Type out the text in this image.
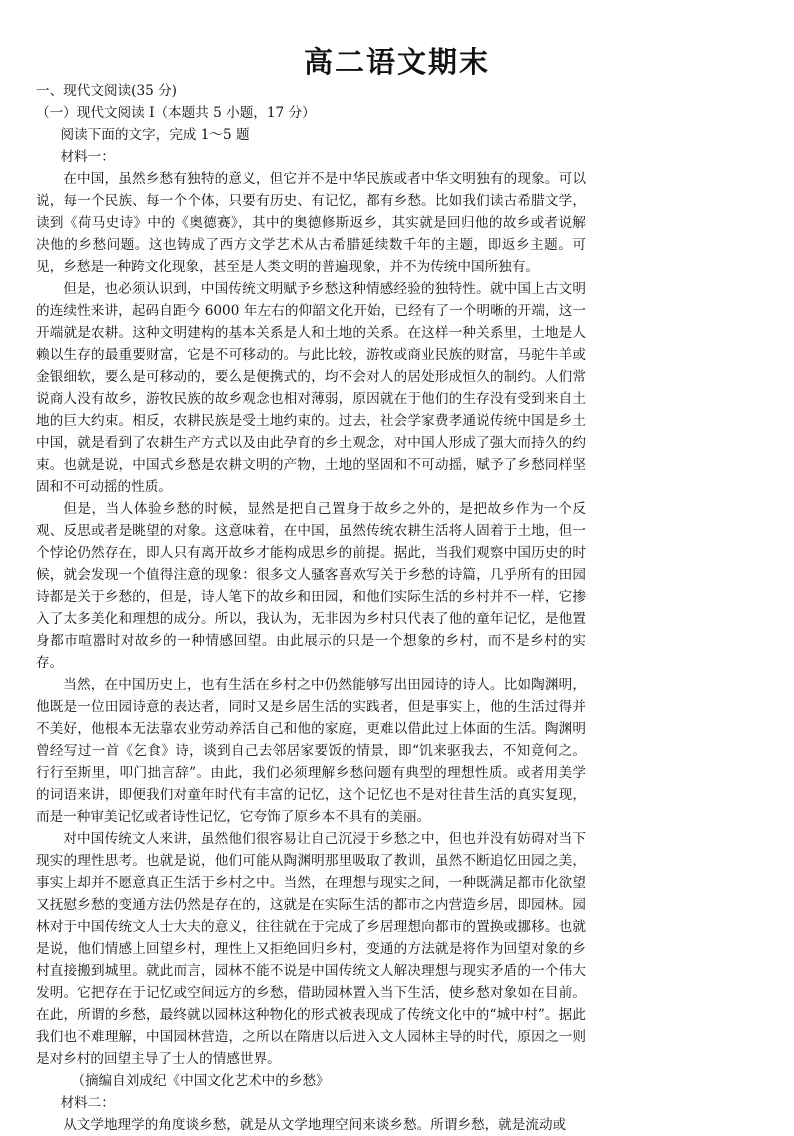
高二语文期末
一、现代文阅读(35 分)
（一）现代文阅读 I（本题共 5 小题，17 分）
阅读下面的文字，完成 1～5 题
材料一：

在中国，虽然乡愁有独特的意义，但它并不是中华民族或者中华文明独有的现象。可以说，每一个民族、每一个个体，只要有历史、有记忆，都有乡愁。比如我们读古希腊文学，读到《荷马史诗》中的《奥德赛》，其中的奥德修斯返乡，其实就是回归他的故乡或者说解决他的乡愁问题。这也铸成了西方文学艺术从古希腊延续数千年的主题，即返乡主题。可见，乡愁是一种跨文化现象，甚至是人类文明的普遍现象，并不为传统中国所独有。

但是，也必须认识到，中国传统文明赋予乡愁这种情感经验的独特性。就中国上古文明的连续性来讲，起码自距今 6000 年左右的仰韶文化开始，已经有了一个明晰的开端，这一开端就是农耕。这种文明建构的基本关系是人和土地的关系。在这样一种关系里，土地是人赖以生存的最重要财富，它是不可移动的。与此比较，游牧或商业民族的财富，马驼牛羊或金银细软，要么是可移动的，要么是便携式的，均不会对人的居处形成恒久的制约。人们常说商人没有故乡，游牧民族的故乡观念也相对薄弱，原因就在于他们的生存没有受到来自土地的巨大约束。相反，农耕民族是受土地约束的。过去，社会学家费孝通说传统中国是乡土中国，就是看到了农耕生产方式以及由此孕育的乡土观念，对中国人形成了强大而持久的约束。也就是说，中国式乡愁是农耕文明的产物，土地的坚固和不可动摇，赋予了乡愁同样坚固和不可动摇的性质。

但是，当人体验乡愁的时候，显然是把自己置身于故乡之外的，是把故乡作为一个反观、反思或者是眺望的对象。这意味着，在中国，虽然传统农耕生活将人固着于土地，但一个悖论仍然存在，即人只有离开故乡才能构成思乡的前提。据此，当我们观察中国历史的时候，就会发现一个值得注意的现象：很多文人骚客喜欢写关于乡愁的诗篇，几乎所有的田园诗都是关于乡愁的，但是，诗人笔下的故乡和田园，和他们实际生活的乡村并不一样，它掺入了太多美化和理想的成分。所以，我认为，无非因为乡村只代表了他的童年记忆，是他置身都市喧嚣时对故乡的一种情感回望。由此展示的只是一个想象的乡村，而不是乡村的实存。

当然，在中国历史上，也有生活在乡村之中仍然能够写出田园诗的诗人。比如陶渊明，他既是一位田园诗意的表达者，同时又是乡居生活的实践者，但是事实上，他的生活过得并不美好，他根本无法靠农业劳动养活自己和他的家庭，更难以借此过上体面的生活。陶渊明曾经写过一首《乞食》诗，谈到自己去邻居家要饭的情景，即“饥来驱我去，不知竟何之。行行至斯里，叩门拙言辞”。由此，我们必须理解乡愁问题有典型的理想性质。或者用美学的词语来讲，即便我们对童年时代有丰富的记忆，这个记忆也不是对往昔生活的真实复现，而是一种审美记忆或者诗性记忆，它夸饰了原乡本不具有的美丽。

对中国传统文人来讲，虽然他们很容易让自己沉浸于乡愁之中，但也并没有妨碍对当下现实的理性思考。也就是说，他们可能从陶渊明那里吸取了教训，虽然不断追忆田园之美，事实上却并不愿意真正生活于乡村之中。当然，在理想与现实之间，一种既满足都市化欲望又抚慰乡愁的变通方法仍然是存在的，这就是在实际生活的都市之内营造乡居，即园林。园林对于中国传统文人士大夫的意义，往往就在于完成了乡居理想向都市的置换或挪移。也就是说，他们情感上回望乡村，理性上又拒绝回归乡村，变通的方法就是将作为回望对象的乡村直接搬到城里。就此而言，园林不能不说是中国传统文人解决理想与现实矛盾的一个伟大发明。它把存在于记忆或空间远方的乡愁，借助园林置入当下生活，使乡愁对象如在目前。在此，所谓的乡愁，最终就以园林这种物化的形式被表现成了传统文化中的“城中村”。据此我们也不难理解，中国园林营造，之所以在隋唐以后进入文人园林主导的时代，原因之一则是对乡村的回望主导了士人的情感世界。

（摘编自刘成纪《中国文化艺术中的乡愁》
材料二：

从文学地理学的角度谈乡愁，就是从文学地理空间来谈乡愁。所谓乡愁，就是流动或
